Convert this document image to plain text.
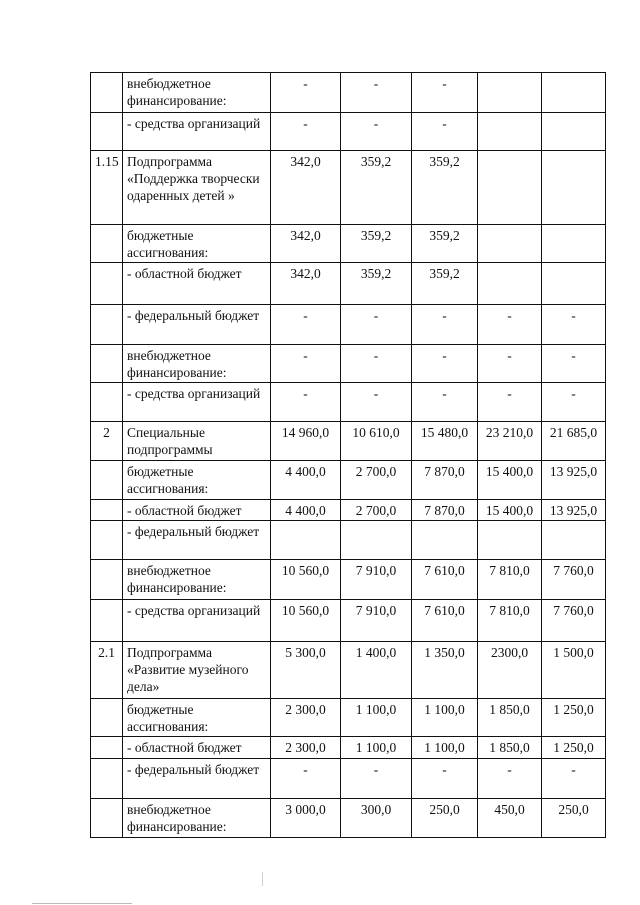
	внебюджетное финансирование:	-	-	-		
	- средства организаций	-	-	-		
1.15	Подпрограмма «Поддержка творчески одаренных детей »	342,0	359,2	359,2		
	бюджетные ассигнования:	342,0	359,2	359,2		
	- областной бюджет	342,0	359,2	359,2		
	- федеральный бюджет	-	-	-	-	-
	внебюджетное финансирование:	-	-	-	-	-
	- средства организаций	-	-	-	-	-
2	Специальные подпрограммы	14 960,0	10 610,0	15 480,0	23 210,0	21 685,0
	бюджетные ассигнования:	4 400,0	2 700,0	7 870,0	15 400,0	13 925,0
	- областной бюджет	4 400,0	2 700,0	7 870,0	15 400,0	13 925,0
	- федеральный бюджет					
	внебюджетное финансирование:	10 560,0	7 910,0	7 610,0	7 810,0	7 760,0
	- средства организаций	10 560,0	7 910,0	7 610,0	7 810,0	7 760,0
2.1	Подпрограмма «Развитие музейного дела»	5 300,0	1 400,0	1 350,0	2300,0	1 500,0
	бюджетные ассигнования:	2 300,0	1 100,0	1 100,0	1 850,0	1 250,0
	- областной бюджет	2 300,0	1 100,0	1 100,0	1 850,0	1 250,0
	- федеральный бюджет	-	-	-	-	-
	внебюджетное финансирование:	3 000,0	300,0	250,0	450,0	250,0
